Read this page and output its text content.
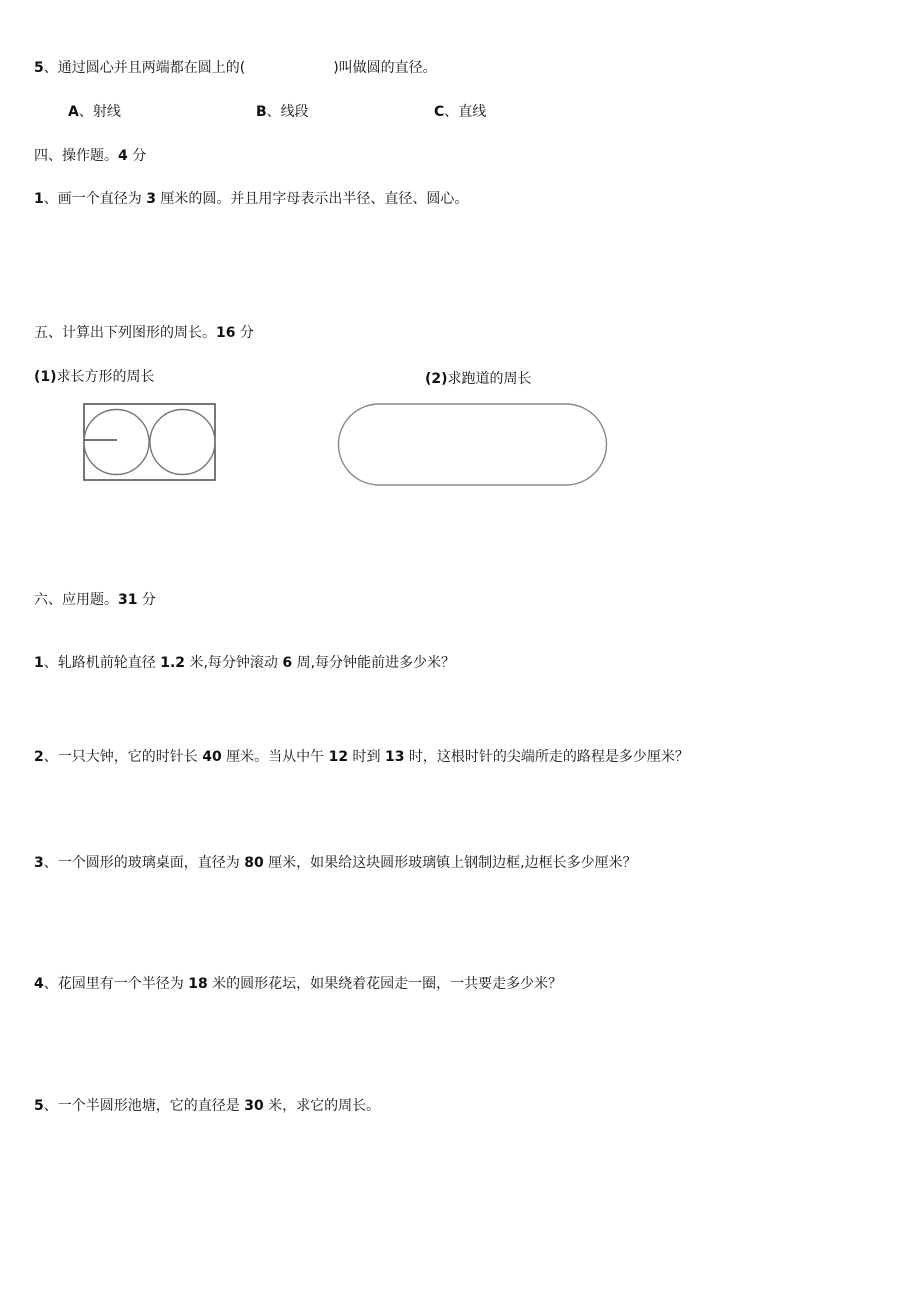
5、通过圆心并且两端都在圆上的(	)叫做圆的直径。
A、射线	B、线段	C、直线
四、操作题。4 分
1、画一个直径为 3 厘米的圆。并且用字母表示出半径、直径、圆心。
五、计算出下列图形的周长。16 分
(1)求长方形的周长	(2)求跑道的周长
六、应用题。31 分
1、轧路机前轮直径 1.2 米,每分钟滚动 6 周,每分钟能前进多少米？
2、一只大钟，它的时针长 40 厘米。当从中午 12 时到 13 时，这根时针的尖端所走的路程是多少厘米？
3、一个圆形的玻璃桌面，直径为 80 厘米，如果给这块圆形玻璃镇上钢制边框,边框长多少厘米？
4、花园里有一个半径为 18 米的圆形花坛，如果绕着花园走一圈，一共要走多少米？
5、一个半圆形池塘，它的直径是 30 米，求它的周长。
